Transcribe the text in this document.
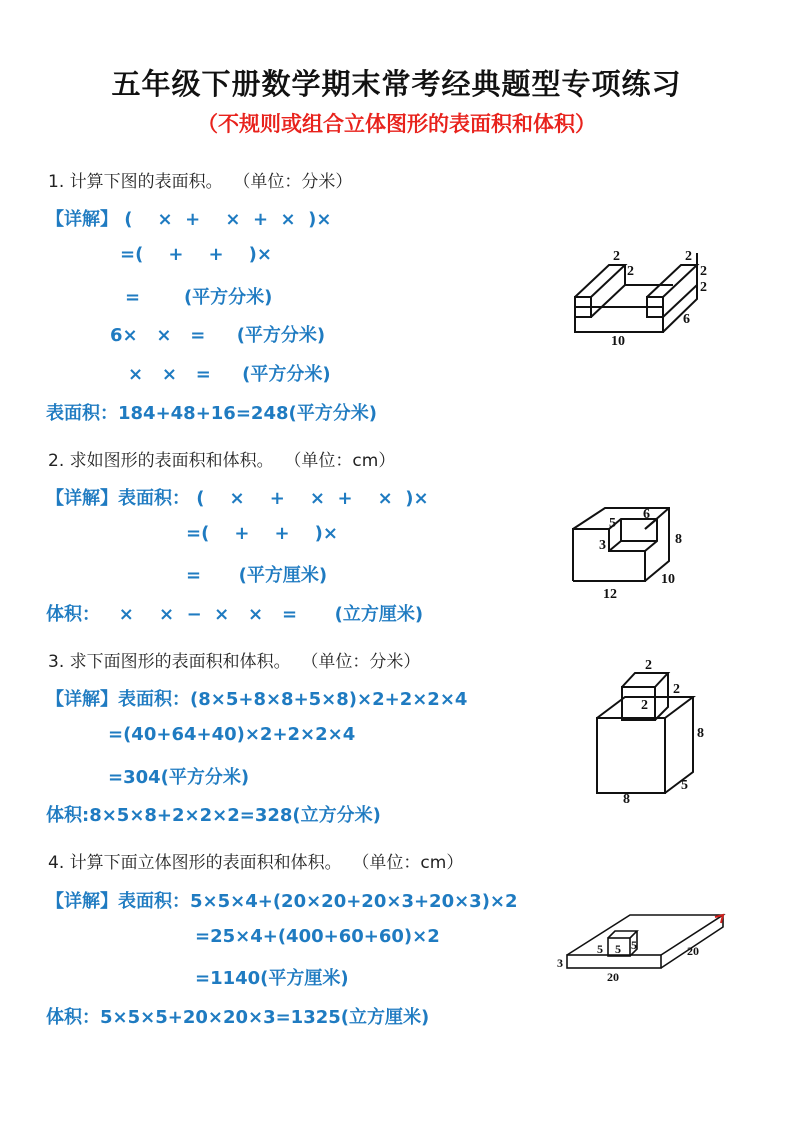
五年级下册数学期末常考经典题型专项练习
（不规则或组合立体图形的表面积和体积）
1. 计算下图的表面积。  （单位：分米）
【详解】 (    ×  +    ×  +  ×  )×
=(    +    +    )×
=       (平方分米)
6×   ×   =     (平方分米)
×   ×   =     (平方分米)
表面积：184+48+16=248(平方分米)
2
2
2
2
2
6
10
2. 求如图形的表面积和体积。  （单位：cm）
【详解】表面积： (    ×    +    ×  +    ×  )×
=(    +    +    )×
=      (平方厘米)
体积：   ×    ×  −  ×   ×   =      (立方厘米)
5
6
3	8
10
12
3. 求下面图形的表面积和体积。  （单位：分米）
【详解】表面积：(8×5+8×8+5×8)×2+2×2×4
=(40+64+40)×2+2×2×4
=304(平方分米)
体积:8×5×8+2×2×2=328(立方分米)
2
2
2
8
5
8
4. 计算下面立体图形的表面积和体积。  （单位：cm）
【详解】表面积：5×5×4+(20×20+20×3+20×3)×2
=25×4+(400+60+60)×2
=1140(平方厘米)
体积：5×5×5+20×20×3=1325(立方厘米)
5 5 5
3
20
20
